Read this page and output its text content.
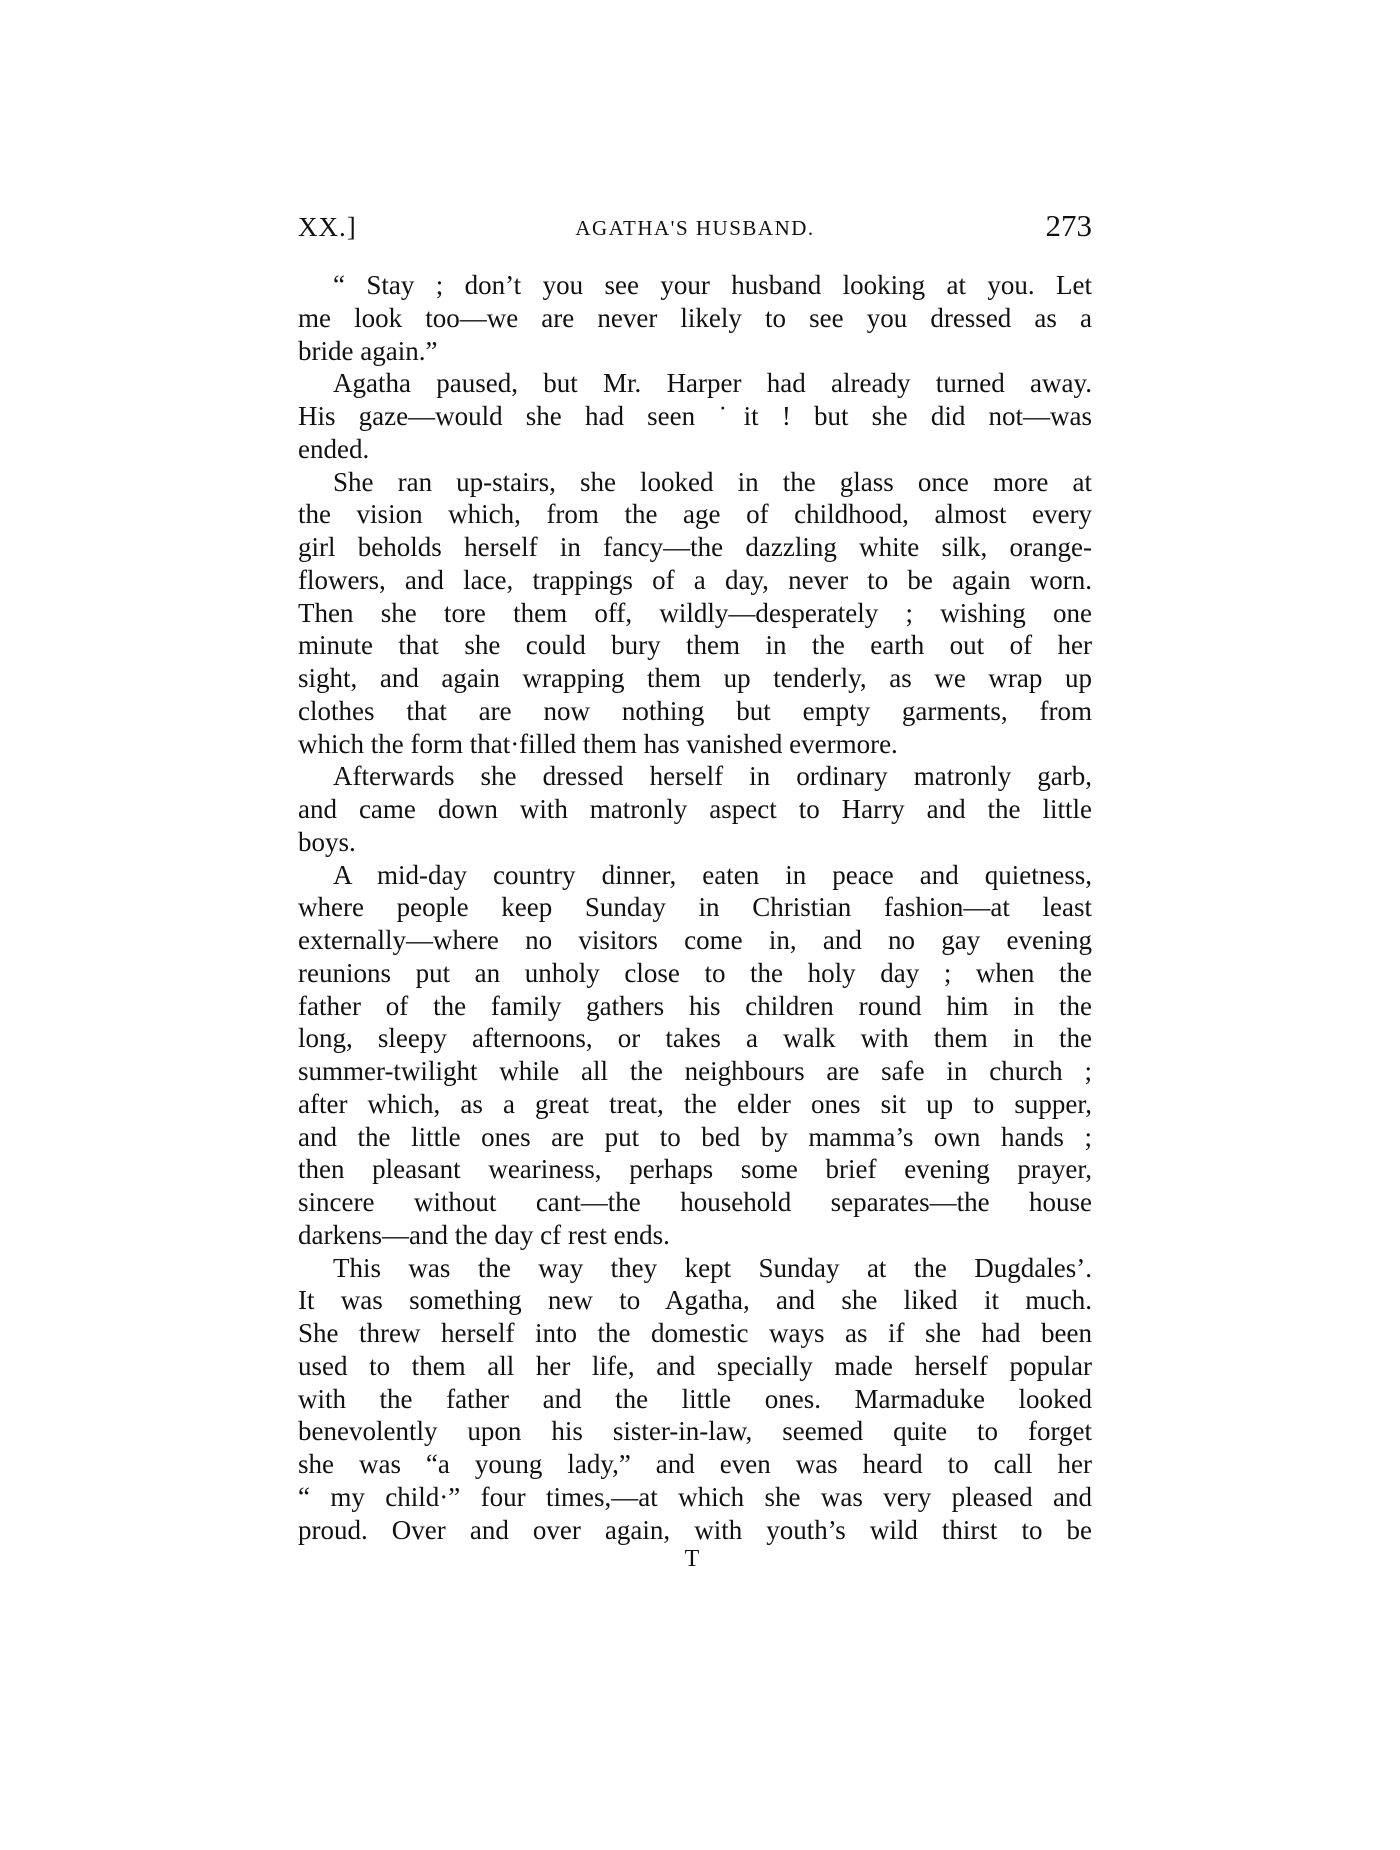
XX.]	AGATHA'S HUSBAND.	273
“ Stay ; don’t you see your husband looking at you. Let
me look too—we are never likely to see you dressed as a
bride again.”
Agatha paused, but Mr. Harper had already turned away.
His gaze—would she had seen ˙it ! but she did not—was
ended.
She ran up-stairs, she looked in the glass once more at
the vision which, from the age of childhood, almost every
girl beholds herself in fancy—the dazzling white silk, orange-
flowers, and lace, trappings of a day, never to be again worn.
Then she tore them off, wildly—desperately ; wishing one
minute that she could bury them in the earth out of her
sight, and again wrapping them up tenderly, as we wrap up
clothes that are now nothing but empty garments, from
which the form that·filled them has vanished evermore.
Afterwards she dressed herself in ordinary matronly garb,
and came down with matronly aspect to Harry and the little
boys.
A mid-day country dinner, eaten in peace and quietness,
where people keep Sunday in Christian fashion—at least
externally—where no visitors come in, and no gay evening
reunions put an unholy close to the holy day ; when the
father of the family gathers his children round him in the
long, sleepy afternoons, or takes a walk with them in the
summer-twilight while all the neighbours are safe in church ;
after which, as a great treat, the elder ones sit up to supper,
and the little ones are put to bed by mamma’s own hands ;
then pleasant weariness, perhaps some brief evening prayer,
sincere without cant—the household separates—the house
darkens—and the day cf rest ends.
This was the way they kept Sunday at the Dugdales’.
It was something new to Agatha, and she liked it much.
She threw herself into the domestic ways as if she had been
used to them all her life, and specially made herself popular
with the father and the little ones. Marmaduke looked
benevolently upon his sister-in-law, seemed quite to forget
she was “a young lady,” and even was heard to call her
“ my child·” four times,—at which she was very pleased and
proud. Over and over again, with youth’s wild thirst to be
T
